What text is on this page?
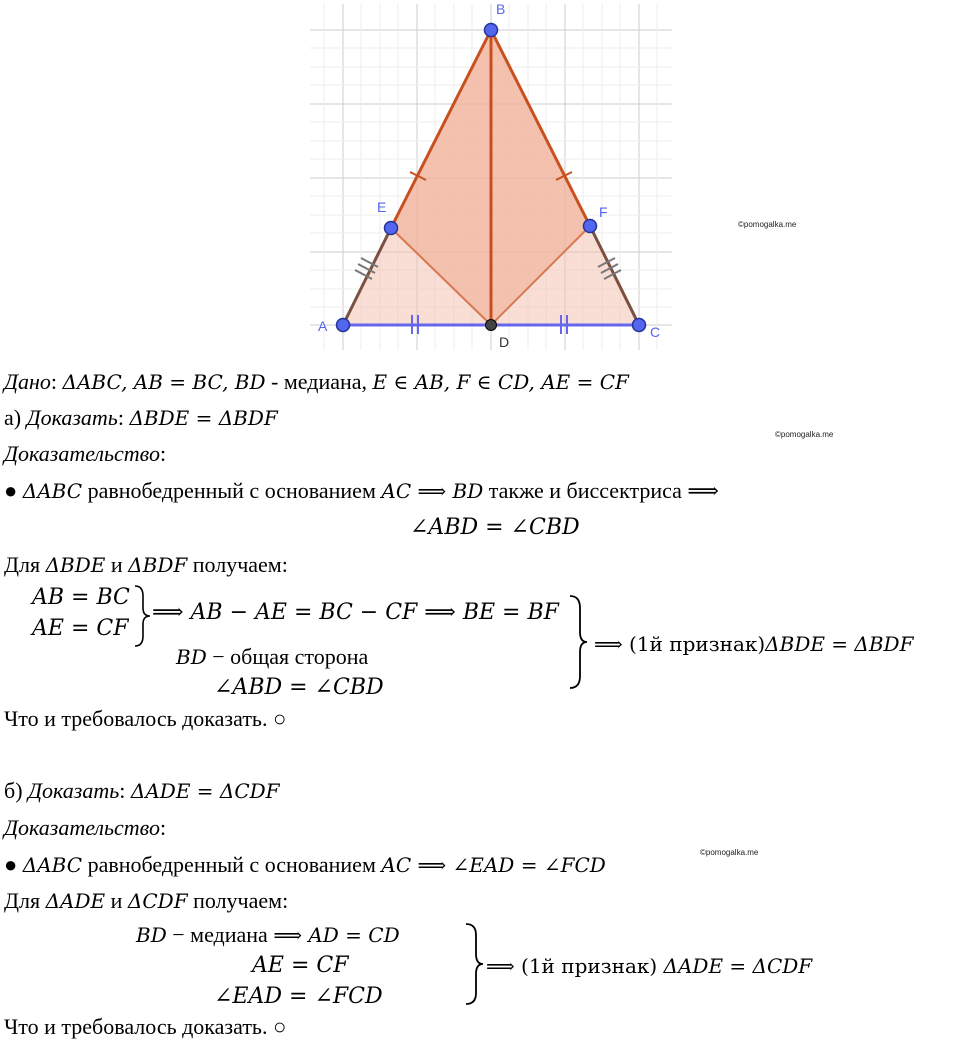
A
B
C
D
E	F
©pomogalka.me
©pomogalka.me
©pomogalka.me
Дано: ΔABC, AB = BC, BD - медиана, E ∈ AB, F ∈ CD, AE = CF
а) Доказать: ΔBDE = ΔBDF
Доказательство:
● ΔABC равнобедренный с основанием AC ⟹ BD также и биссектриса ⟹
∠ABD = ∠CBD
Для ΔBDE и ΔBDF получаем:
AB = BC
AE = CF
⟹ AB − AE = BC − CF ⟹ BE = BF
BD − общая сторона
∠ABD = ∠CBD
⟹ (1й признак)ΔBDE = ΔBDF
Что и требовалось доказать. ○
б) Доказать: ΔADE = ΔCDF
Доказательство:
● ΔABC равнобедренный с основанием AC ⟹ ∠EAD = ∠FCD
Для ΔADE и ΔCDF получаем:
BD − медиана ⟹ AD = CD
AE = CF
∠EAD = ∠FCD
⟹ (1й признак) ΔADE = ΔCDF
Что и требовалось доказать. ○
